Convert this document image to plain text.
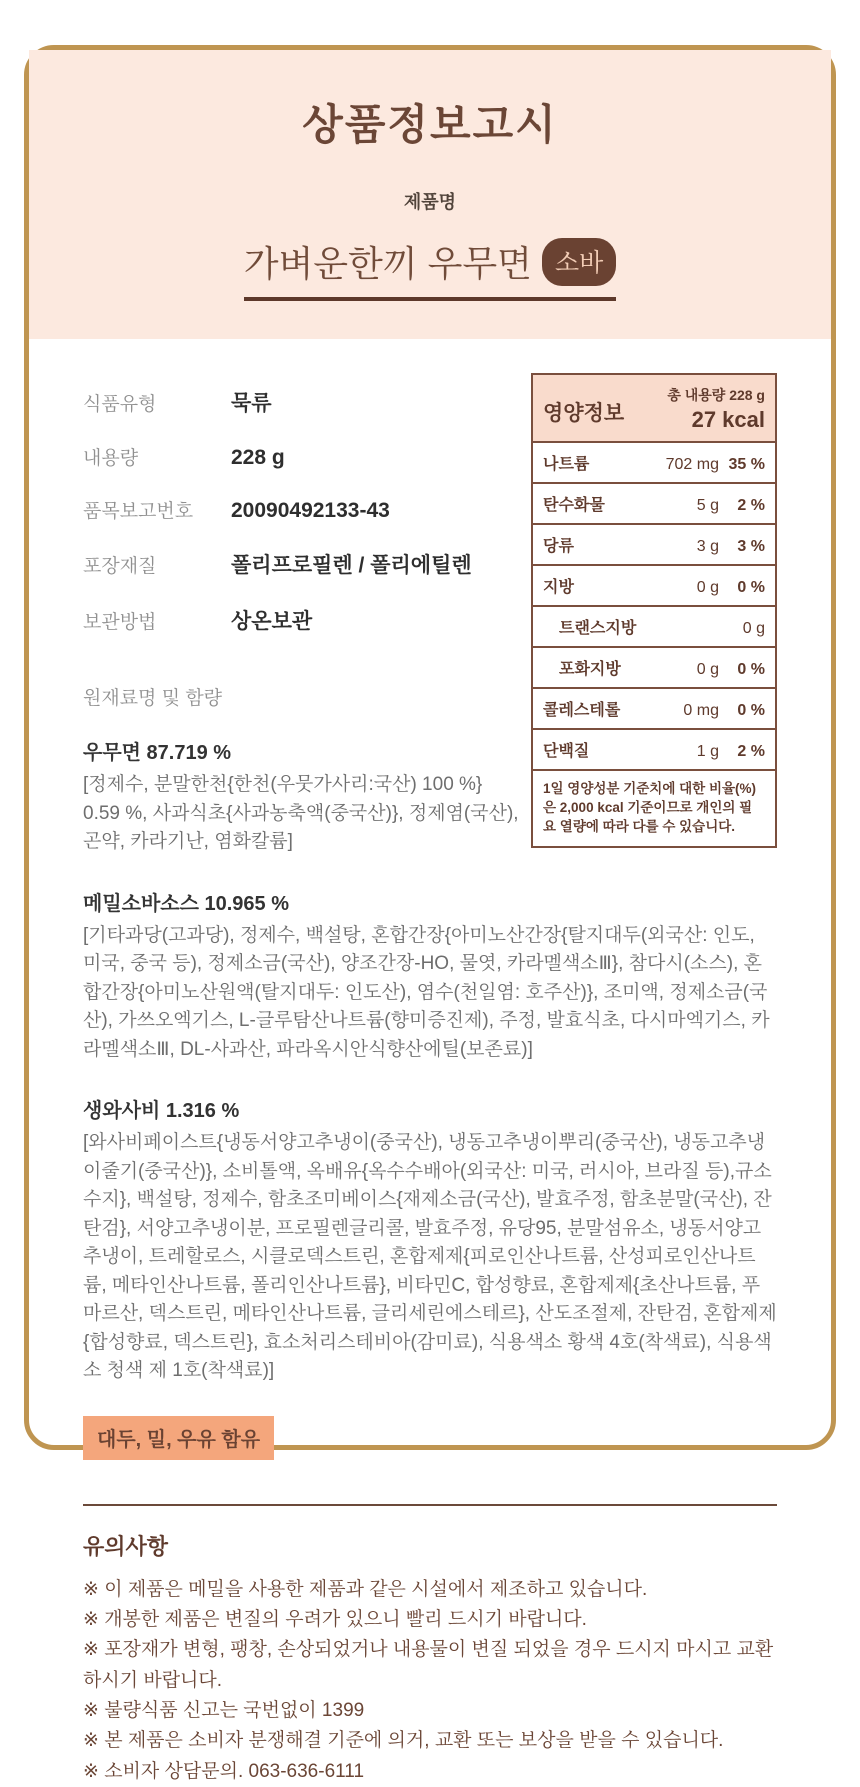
상품정보고시
제품명
가벼운한끼 우무면 소바
식품유형	묵류
내용량	228 g
품목보고번호	20090492133-43
포장재질	폴리프로필렌 / 폴리에틸렌
보관방법	상온보관
원재료명 및 함량
우무면 87.719 %
[정제수, 분말한천{한천(우뭇가사리:국산) 100 %} 0.59 %, 사과식초{사과농축액(중국산)}, 정제염(국산),곤약, 카라기난, 염화칼륨]
영양정보
총 내용량 228 g
27 kcal
나트륨	702 mg 35 %
탄수화물	5 g	2 %
당류	3 g	3 %
지방	0 g	0 %
트랜스지방	0 g
포화지방	0 g	0 %
콜레스테롤	0 mg	0 %
단백질	1 g	2 %
1일 영양성분 기준치에 대한 비율(%)은 2,000 kcal 기준이므로 개인의 필요 열량에 따라 다를 수 있습니다.
메밀소바소스 10.965 %
[기타과당(고과당), 정제수, 백설탕, 혼합간장{아미노산간장{탈지대두(외국산: 인도, 미국, 중국 등), 정제소금(국산), 양조간장-HO, 물엿, 카라멜색소Ⅲ}, 참다시(소스), 혼합간장{아미노산원액(탈지대두: 인도산), 염수(천일염: 호주산)}, 조미액, 정제소금(국산), 가쓰오엑기스, L-글루탐산나트륨(향미증진제), 주정, 발효식초, 다시마엑기스, 카라멜색소Ⅲ, DL-사과산, 파라옥시안식향산에틸(보존료)]
생와사비 1.316 %
[와사비페이스트{냉동서양고추냉이(중국산), 냉동고추냉이뿌리(중국산), 냉동고추냉이줄기(중국산)}, 소비톨액, 옥배유{옥수수배아(외국산: 미국, 러시아, 브라질 등),규소수지}, 백설탕, 정제수, 함초조미베이스{재제소금(국산), 발효주정, 함초분말(국산), 잔탄검}, 서양고추냉이분, 프로필렌글리콜, 발효주정, 유당95, 분말섬유소, 냉동서양고추냉이, 트레할로스, 시클로덱스트린, 혼합제제{피로인산나트륨, 산성피로인산나트륨, 메타인산나트륨, 폴리인산나트륨}, 비타민C, 합성향료, 혼합제제{초산나트륨, 푸마르산, 덱스트린, 메타인산나트륨, 글리세린에스테르}, 산도조절제, 잔탄검, 혼합제제{합성향료, 덱스트린}, 효소처리스테비아(감미료), 식용색소 황색 4호(착색료), 식용색소 청색 제 1호(착색료)]
대두, 밀, 우유 함유
유의사항
※ 이 제품은 메밀을 사용한 제품과 같은 시설에서 제조하고 있습니다.
※ 개봉한 제품은 변질의 우려가 있으니 빨리 드시기 바랍니다.
※ 포장재가 변형, 팽창, 손상되었거나 내용물이 변질 되었을 경우 드시지 마시고 교환하시기 바랍니다.
※ 불량식품 신고는 국번없이 1399
※ 본 제품은 소비자 분쟁해결 기준에 의거, 교환 또는 보상을 받을 수 있습니다.
※ 소비자 상담문의. 063-636-6111
